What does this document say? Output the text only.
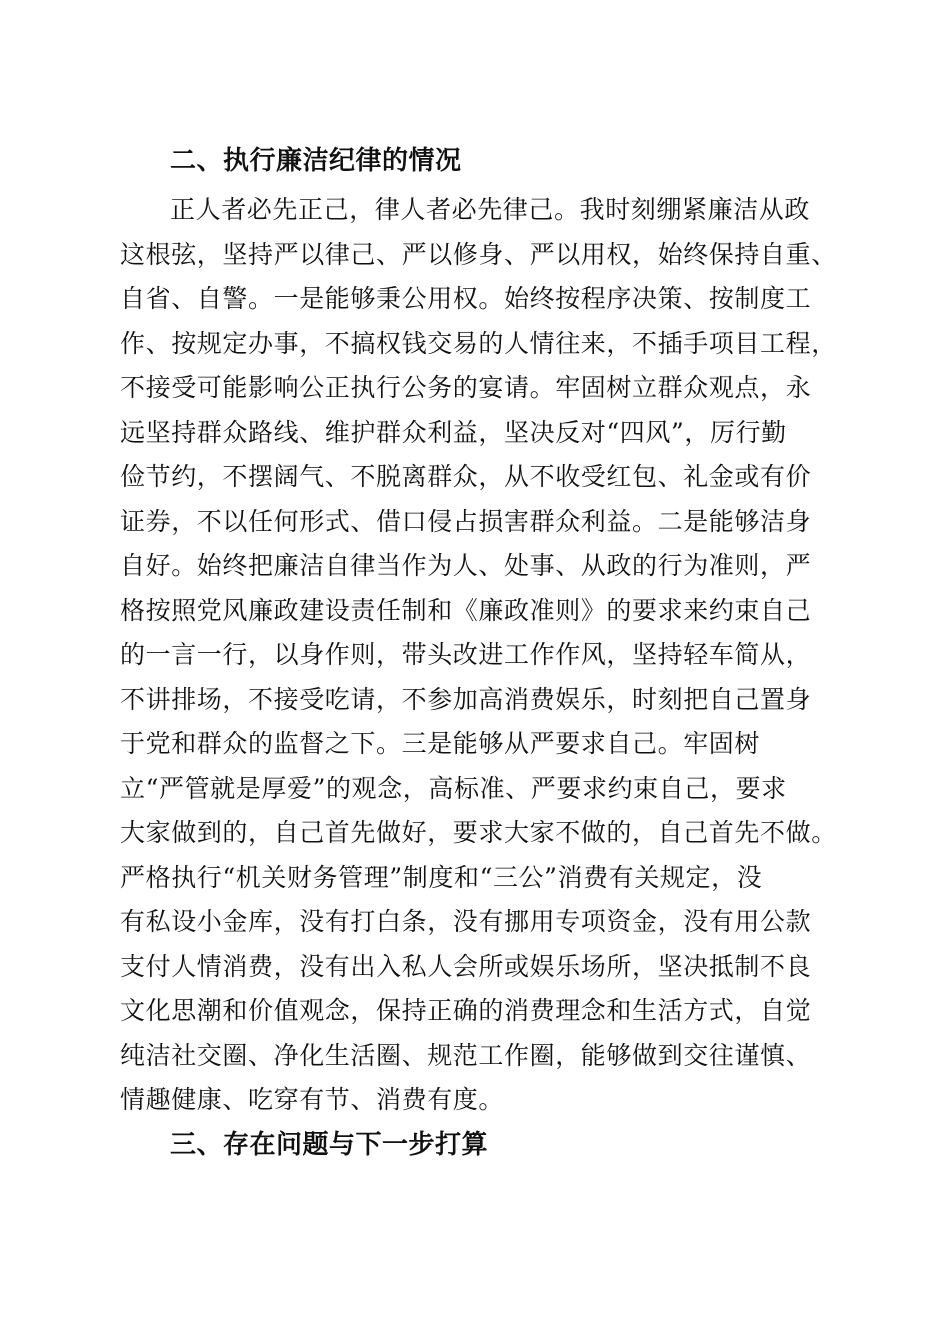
二、执行廉洁纪律的情况
正人者必先正己，律人者必先律己。我时刻绷紧廉洁从政
这根弦，坚持严以律己、严以修身、严以用权，始终保持自重、
自省、自警。一是能够秉公用权。始终按程序决策、按制度工
作、按规定办事，不搞权钱交易的人情往来，不插手项目工程，
不接受可能影响公正执行公务的宴请。牢固树立群众观点，永
远坚持群众路线、维护群众利益，坚决反对“四风”，厉行勤
俭节约，不摆阔气、不脱离群众，从不收受红包、礼金或有价
证券，不以任何形式、借口侵占损害群众利益。二是能够洁身
自好。始终把廉洁自律当作为人、处事、从政的行为准则，严
格按照党风廉政建设责任制和《廉政准则》的要求来约束自己
的一言一行，以身作则，带头改进工作作风，坚持轻车简从，
不讲排场，不接受吃请，不参加高消费娱乐，时刻把自己置身
于党和群众的监督之下。三是能够从严要求自己。牢固树
立“严管就是厚爱”的观念，高标准、严要求约束自己，要求
大家做到的，自己首先做好，要求大家不做的，自己首先不做。
严格执行“机关财务管理”制度和“三公”消费有关规定，没
有私设小金库，没有打白条，没有挪用专项资金，没有用公款
支付人情消费，没有出入私人会所或娱乐场所，坚决抵制不良
文化思潮和价值观念，保持正确的消费理念和生活方式，自觉
纯洁社交圈、净化生活圈、规范工作圈，能够做到交往谨慎、
情趣健康、吃穿有节、消费有度。
三、存在问题与下一步打算
